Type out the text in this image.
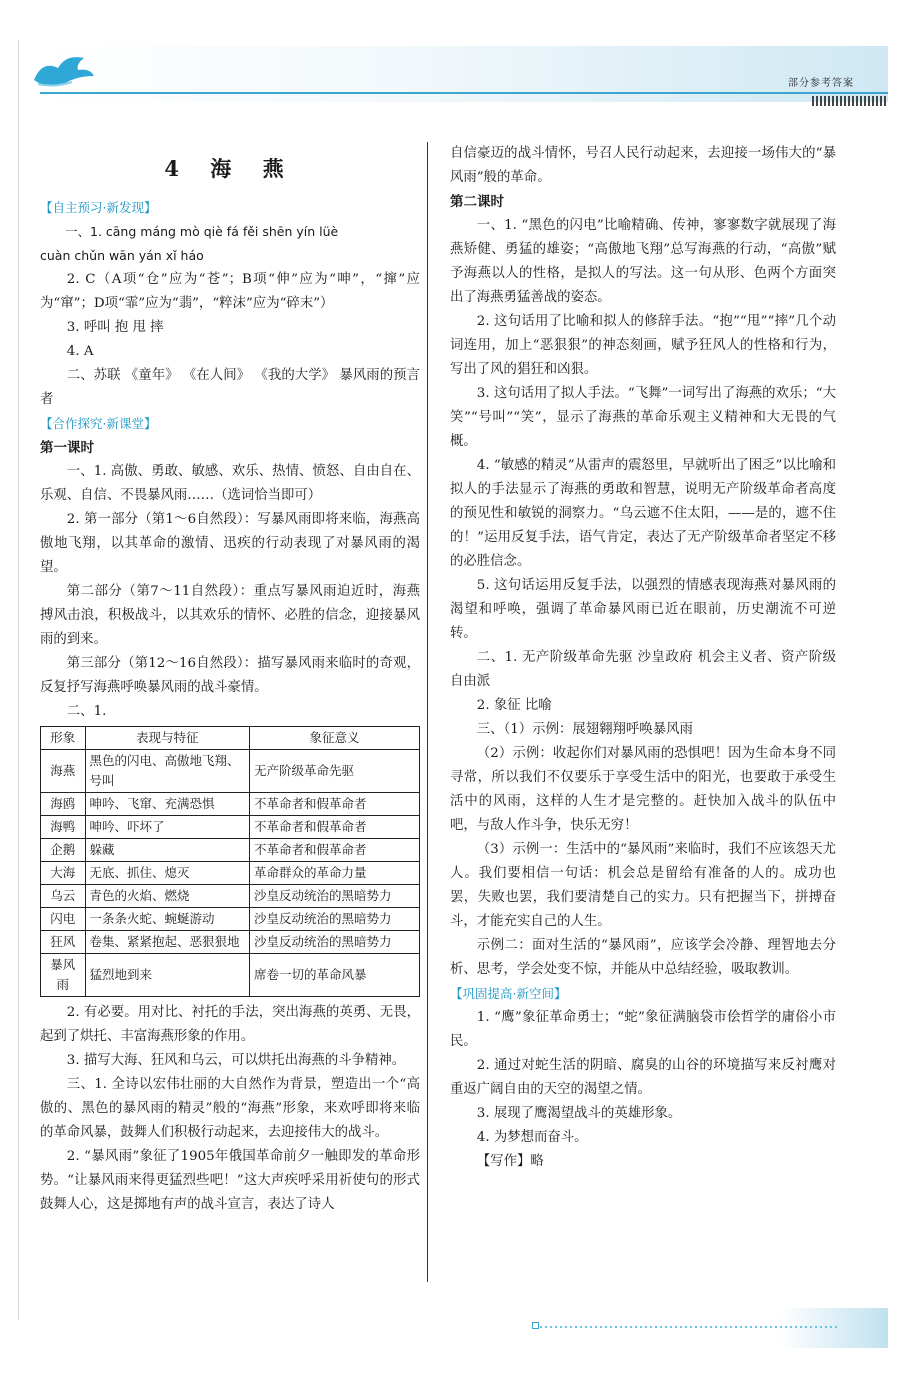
部分参考答案
4 海 燕

【自主预习·新发现】

一、1. cāng máng mò qiè fá fěi shēn yín lüè

cuàn chǔn wān yán xǐ háo

2. C（A项“仓”应为“苍”；B项“伸”应为“呻”，“撺”应为“窜”；D项“霏”应为“翡”，“粹沫”应为“碎末”）

3. 呼叫 抱 甩 摔

4. A

二、苏联 《童年》 《在人间》 《我的大学》 暴风雨的预言者

【合作探究·新课堂】

第一课时

一、1. 高傲、勇敢、敏感、欢乐、热情、愤怒、自由自在、乐观、自信、不畏暴风雨……（选词恰当即可）

2. 第一部分（第1～6自然段）：写暴风雨即将来临，海燕高傲地飞翔，以其革命的激情、迅疾的行动表现了对暴风雨的渴望。

第二部分（第7～11自然段）：重点写暴风雨迫近时，海燕搏风击浪，积极战斗，以其欢乐的情怀、必胜的信念，迎接暴风雨的到来。

第三部分（第12～16自然段）：描写暴风雨来临时的奇观，反复抒写海燕呼唤暴风雨的战斗豪情。

二、1.

形象	表现与特征	象征意义
海燕	黑色的闪电、高傲地飞翔、号叫	无产阶级革命先驱
海鸥	呻吟、飞窜、充满恐惧	不革命者和假革命者
海鸭	呻吟、吓坏了	不革命者和假革命者
企鹅	躲藏	不革命者和假革命者
大海	无底、抓住、熄灭	革命群众的革命力量
乌云	青色的火焰、燃烧	沙皇反动统治的黑暗势力
闪电	一条条火蛇、蜿蜒游动	沙皇反动统治的黑暗势力
狂风	卷集、紧紧抱起、恶狠狠地	沙皇反动统治的黑暗势力
暴风雨	猛烈地到来	席卷一切的革命风暴

2. 有必要。用对比、衬托的手法，突出海燕的英勇、无畏，起到了烘托、丰富海燕形象的作用。

3. 描写大海、狂风和乌云，可以烘托出海燕的斗争精神。

三、1. 全诗以宏伟壮丽的大自然作为背景，塑造出一个“高傲的、黑色的暴风雨的精灵”般的“海燕”形象，来欢呼即将来临的革命风暴，鼓舞人们积极行动起来，去迎接伟大的战斗。

2. “暴风雨”象征了1905年俄国革命前夕一触即发的革命形势。“让暴风雨来得更猛烈些吧！”这大声疾呼采用祈使句的形式鼓舞人心，这是掷地有声的战斗宣言，表达了诗人

自信豪迈的战斗情怀，号召人民行动起来，去迎接一场伟大的“暴风雨”般的革命。

第二课时

一、1. “黑色的闪电”比喻精确、传神，寥寥数字就展现了海燕矫健、勇猛的雄姿；“高傲地飞翔”总写海燕的行动，“高傲”赋予海燕以人的性格，是拟人的写法。这一句从形、色两个方面突出了海燕勇猛善战的姿态。

2. 这句话用了比喻和拟人的修辞手法。“抱”“甩”“摔”几个动词连用，加上“恶狠狠”的神态刻画，赋予狂风人的性格和行为，写出了风的猖狂和凶狠。

3. 这句话用了拟人手法。“飞舞”一词写出了海燕的欢乐；“大笑”“号叫”“笑”，显示了海燕的革命乐观主义精神和大无畏的气概。

4. “敏感的精灵”从雷声的震怒里，早就听出了困乏”以比喻和拟人的手法显示了海燕的勇敢和智慧，说明无产阶级革命者高度的预见性和敏锐的洞察力。“乌云遮不住太阳，——是的，遮不住的！”运用反复手法，语气肯定，表达了无产阶级革命者坚定不移的必胜信念。

5. 这句话运用反复手法，以强烈的情感表现海燕对暴风雨的渴望和呼唤，强调了革命暴风雨已近在眼前，历史潮流不可逆转。

二、1. 无产阶级革命先驱 沙皇政府 机会主义者、资产阶级自由派

2. 象征 比喻

三、（1）示例：展翅翱翔呼唤暴风雨

（2）示例：收起你们对暴风雨的恐惧吧！因为生命本身不同寻常，所以我们不仅要乐于享受生活中的阳光，也要敢于承受生活中的风雨，这样的人生才是完整的。赶快加入战斗的队伍中吧，与敌人作斗争，快乐无穷！

（3）示例一：生活中的“暴风雨”来临时，我们不应该怨天尤人。我们要相信一句话：机会总是留给有准备的人的。成功也罢，失败也罢，我们要清楚自己的实力。只有把握当下，拼搏奋斗，才能充实自己的人生。

示例二：面对生活的“暴风雨”，应该学会冷静、理智地去分析、思考，学会处变不惊，并能从中总结经验，吸取教训。

【巩固提高·新空间】

1. “鹰”象征革命勇士；“蛇”象征满脑袋市侩哲学的庸俗小市民。

2. 通过对蛇生活的阴暗、腐臭的山谷的环境描写来反衬鹰对重返广阔自由的天空的渴望之情。

3. 展现了鹰渴望战斗的英雄形象。

4. 为梦想而奋斗。

【写作】略
